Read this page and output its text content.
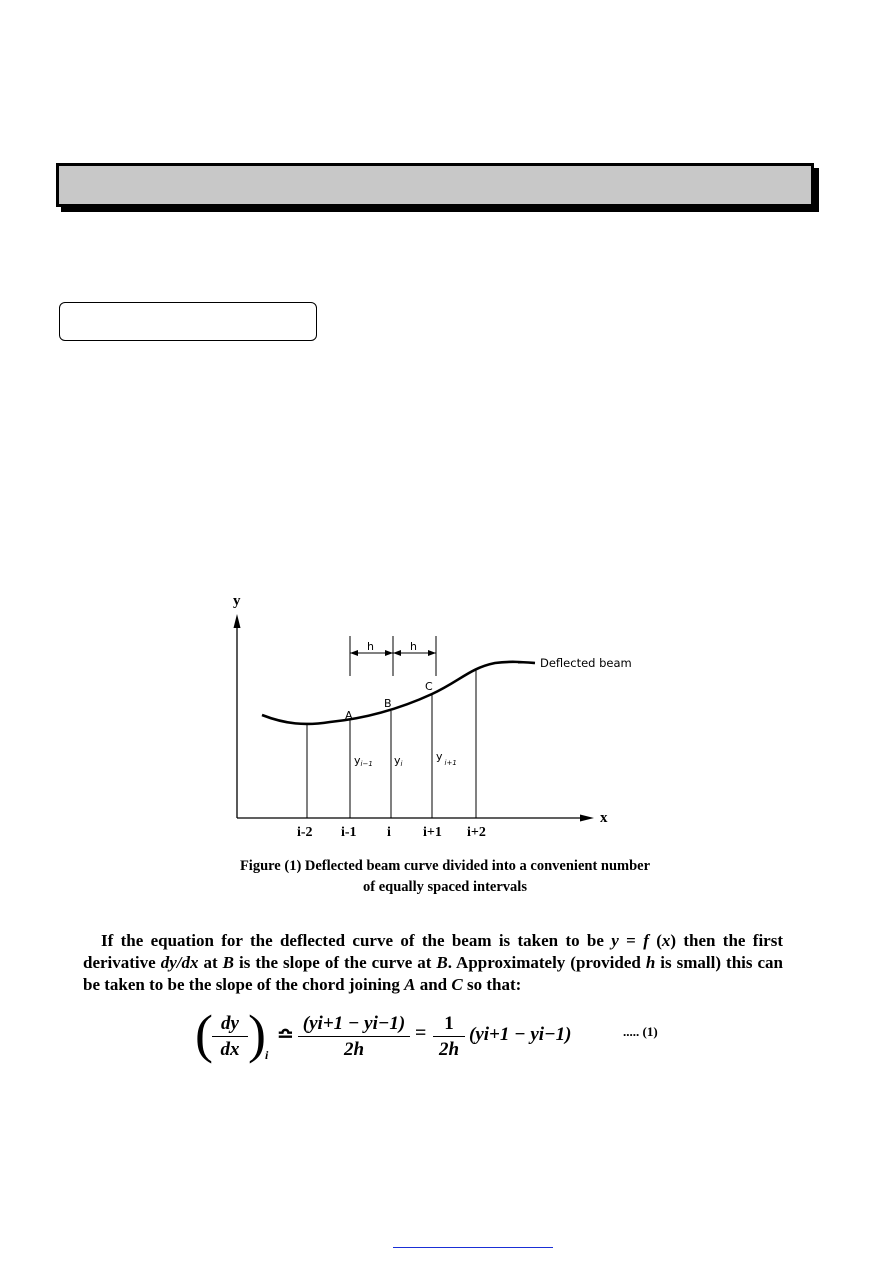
y
x
h	h
Deflected beam
A
B
C
yi−1 yi
y $_{i+1}$
i-2 i-1 i i+1 i+2
Figure (1) Deflected beam curve divided into a convenient number
of equally spaced intervals
If the equation for the deflected curve of the beam is taken to be y = f (x) then the first derivative dy/dx at B is the slope of the curve at B. Approximately (provided h is small) this can be taken to be the slope of the chord joining A and C so that:
( $\frac{dy}{dx}$ ) i
≏ $\frac{(yi+1 - yi-1)}{2h} = \frac{1}{2h} (yi+1 - yi-1)$	..... (1)
